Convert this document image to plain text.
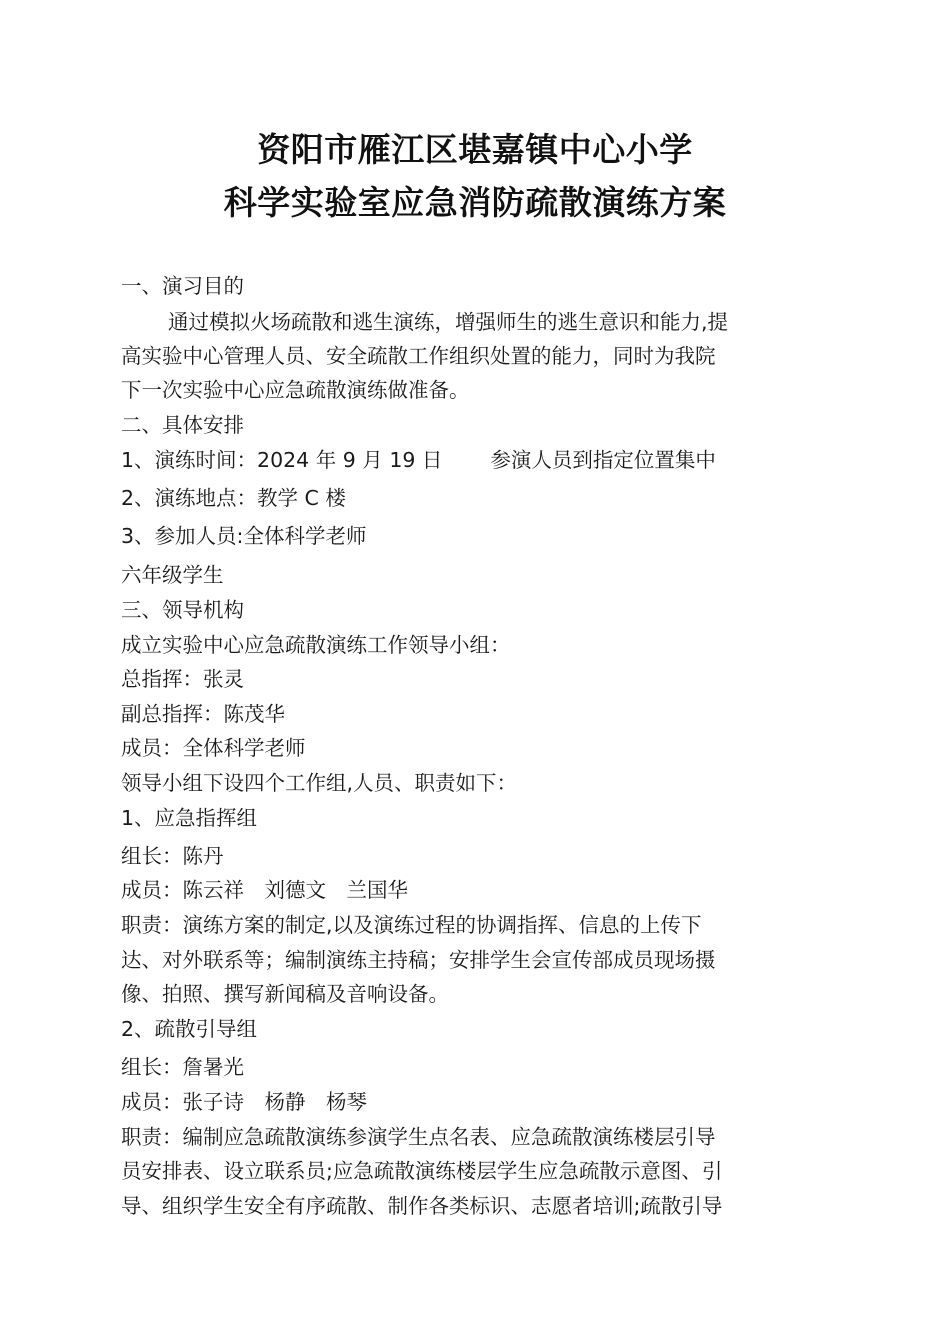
资阳市雁江区堪嘉镇中心小学
科学实验室应急消防疏散演练方案
一、演习目的
通过模拟火场疏散和逃生演练，增强师生的逃生意识和能力,提
高实验中心管理人员、安全疏散工作组织处置的能力，同时为我院
下一次实验中心应急疏散演练做准备。
二、具体安排
1、演练时间：2024 年 9 月 19 日 参演人员到指定位置集中
2、演练地点：教学 C 楼
3、参加人员:全体科学老师
六年级学生
三、领导机构
成立实验中心应急疏散演练工作领导小组：
总指挥：张灵
副总指挥：陈茂华
成员：全体科学老师
领导小组下设四个工作组,人员、职责如下：
1、应急指挥组
组长：陈丹
成员：陈云祥　刘德文　兰国华
职责：演练方案的制定,以及演练过程的协调指挥、信息的上传下
达、对外联系等；编制演练主持稿；安排学生会宣传部成员现场摄
像、拍照、撰写新闻稿及音响设备。
2、疏散引导组
组长：詹暑光
成员：张子诗　杨静　杨琴
职责：编制应急疏散演练参演学生点名表、应急疏散演练楼层引导
员安排表、设立联系员;应急疏散演练楼层学生应急疏散示意图、引
导、组织学生安全有序疏散、制作各类标识、志愿者培训;疏散引导
